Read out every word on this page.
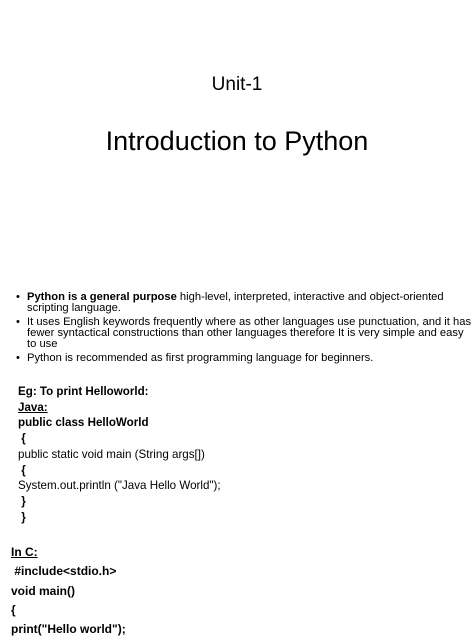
Unit-1
Introduction to Python
• Python is a general purpose high-level, interpreted, interactive and object-oriented scripting language.
• It uses English keywords frequently where as other languages use punctuation, and it has fewer syntactical constructions than other languages therefore It is very simple and easy to use
• Python is recommended as first programming language for beginners.
Eg: To print Helloworld:
Java:
public class HelloWorld
{
public static void main (String args[])
{
System.out.println ("Java Hello World");
}
}
In C:
#include<stdio.h>
void main()
{
print("Hello world");
